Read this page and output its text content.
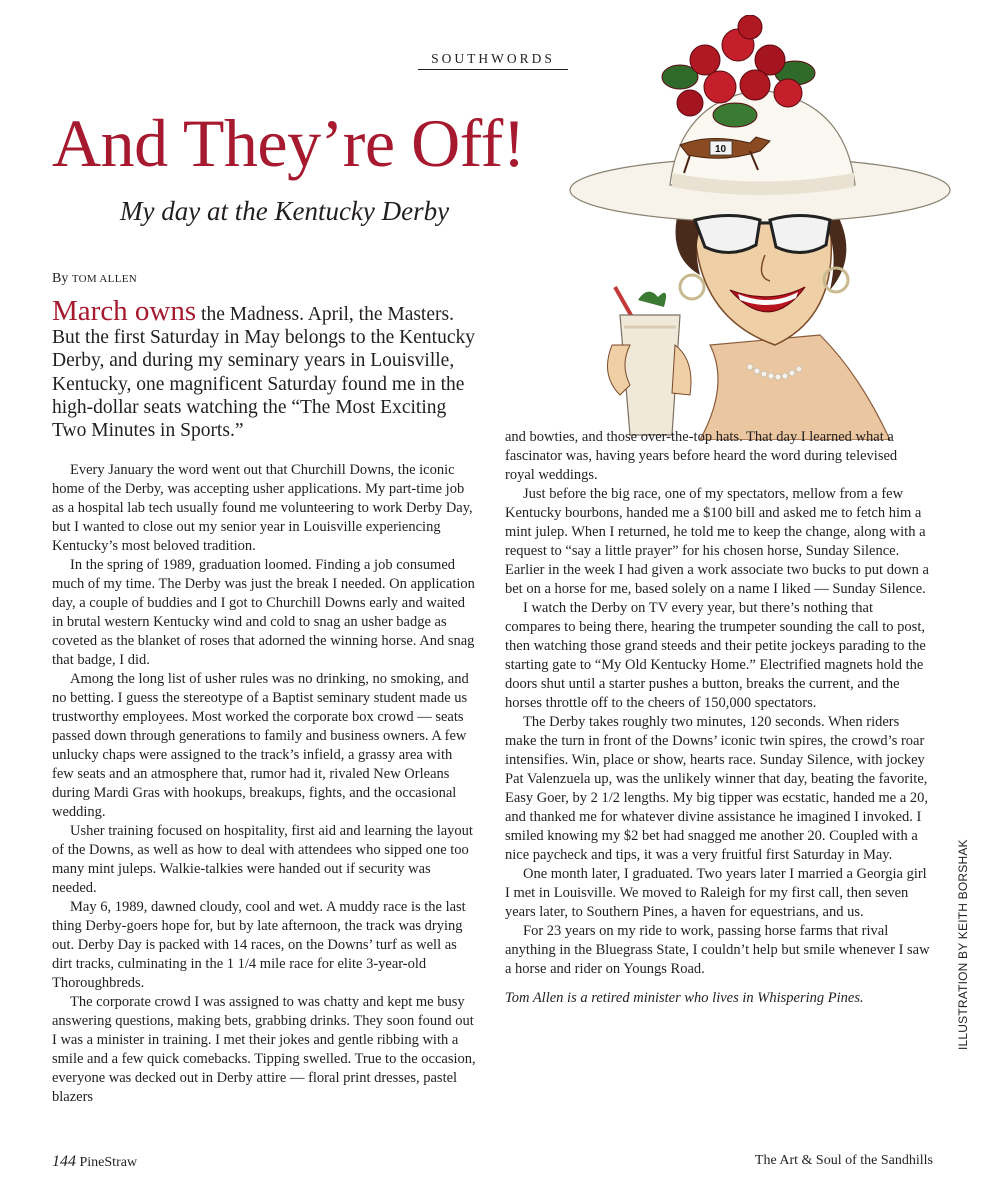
SOUTHWORDS
And They’re Off!
My day at the Kentucky Derby
By TOM ALLEN
10

March owns the Madness. April, the Masters. But the first Saturday in May belongs to the Kentucky Derby, and during my seminary years in Louisville, Kentucky, one magnificent Saturday found me in the high-dollar seats watching the “The Most Exciting Two Minutes in Sports.”

Every January the word went out that Churchill Downs, the iconic home of the Derby, was accepting usher applications. My part-time job as a hospital lab tech usually found me volunteering to work Derby Day, but I wanted to close out my senior year in Louisville experiencing Kentucky’s most beloved tradition.

In the spring of 1989, graduation loomed. Finding a job consumed much of my time. The Derby was just the break I needed. On application day, a couple of buddies and I got to Churchill Downs early and waited in brutal western Kentucky wind and cold to snag an usher badge as coveted as the blanket of roses that adorned the winning horse. And snag that badge, I did.

Among the long list of usher rules was no drinking, no smoking, and no betting. I guess the stereotype of a Baptist seminary student made us trustworthy employees. Most worked the corporate box crowd — seats passed down through generations to family and business owners. A few unlucky chaps were assigned to the track’s infield, a grassy area with few seats and an atmosphere that, rumor had it, rivaled New Orleans during Mardi Gras with hookups, breakups, fights, and the occasional wedding.

Usher training focused on hospitality, first aid and learning the layout of the Downs, as well as how to deal with attendees who sipped one too many mint juleps. Walkie-talkies were handed out if security was needed.

May 6, 1989, dawned cloudy, cool and wet. A muddy race is the last thing Derby-goers hope for, but by late afternoon, the track was drying out. Derby Day is packed with 14 races, on the Downs’ turf as well as dirt tracks, culminating in the 1 1/4 mile race for elite 3-year-old Thoroughbreds.

The corporate crowd I was assigned to was chatty and kept me busy answering questions, making bets, grabbing drinks. They soon found out I was a minister in training. I met their jokes and gentle ribbing with a smile and a few quick comebacks. Tipping swelled. True to the occasion, everyone was decked out in Derby attire — floral print dresses, pastel blazers

and bowties, and those over-the-top hats. That day I learned what a fascinator was, having years before heard the word during televised royal weddings.

Just before the big race, one of my spectators, mellow from a few Kentucky bourbons, handed me a $100 bill and asked me to fetch him a mint julep. When I returned, he told me to keep the change, along with a request to “say a little prayer” for his chosen horse, Sunday Silence. Earlier in the week I had given a work associate two bucks to put down a bet on a horse for me, based solely on a name I liked — Sunday Silence.

I watch the Derby on TV every year, but there’s nothing that compares to being there, hearing the trumpeter sounding the call to post, then watching those grand steeds and their petite jockeys parading to the starting gate to “My Old Kentucky Home.” Electrified magnets hold the doors shut until a starter pushes a button, breaks the current, and the horses throttle off to the cheers of 150,000 spectators.

The Derby takes roughly two minutes, 120 seconds. When riders make the turn in front of the Downs’ iconic twin spires, the crowd’s roar intensifies. Win, place or show, hearts race. Sunday Silence, with jockey Pat Valenzuela up, was the unlikely winner that day, beating the favorite, Easy Goer, by 2 1/2 lengths. My big tipper was ecstatic, handed me a 20, and thanked me for whatever divine assistance he imagined I invoked. I smiled knowing my $2 bet had snagged me another 20. Coupled with a nice paycheck and tips, it was a very fruitful first Saturday in May.

One month later, I graduated. Two years later I married a Georgia girl I met in Louisville. We moved to Raleigh for my first call, then seven years later, to Southern Pines, a haven for equestrians, and us.

For 23 years on my ride to work, passing horse farms that rival anything in the Bluegrass State, I couldn’t help but smile whenever I saw a horse and rider on Youngs Road.

Tom Allen is a retired minister who lives in Whispering Pines.	ILLUSTRATION BY KEITH BORSHAK
144 PineStraw	The Art & Soul of the Sandhills
